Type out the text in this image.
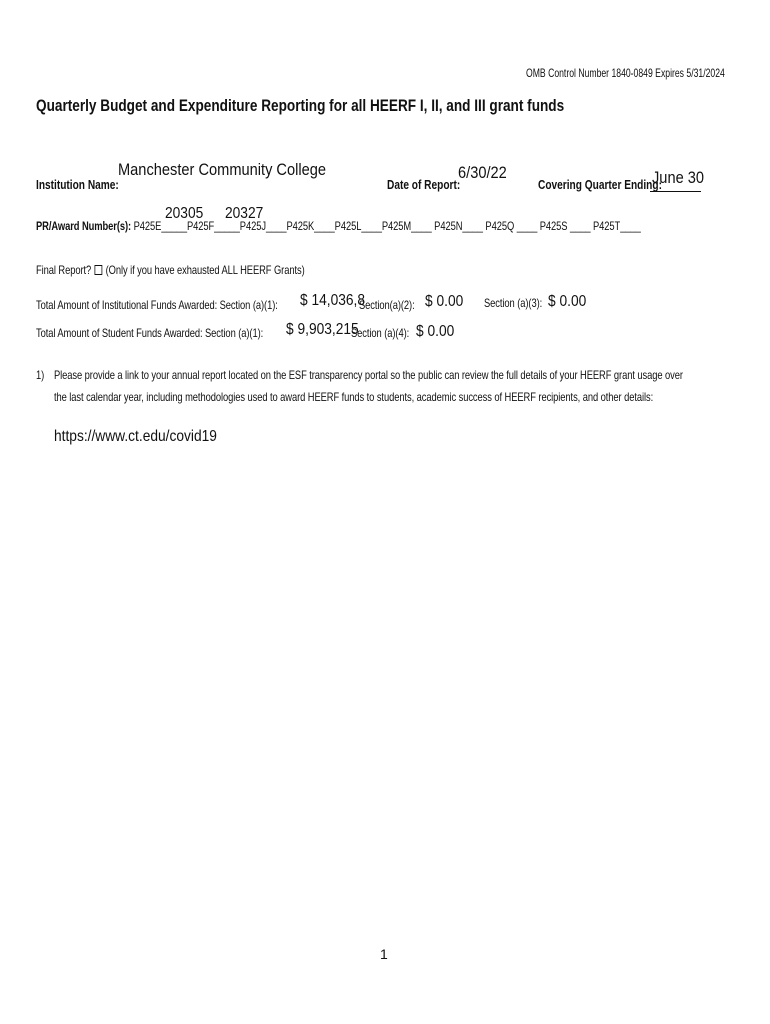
OMB Control Number 1840-0849 Expires 5/31/2024
Quarterly Budget and Expenditure Reporting for all HEERF I, II, and III grant funds
Institution Name:
Manchester Community College
Date of Report:
6/30/22
Covering Quarter Ending:
June 30
PR/Award Number(s): P425E_____P425F_____P425J____P425K____P425L____P425M____ P425N____ P425Q ____ P425S ____ P425T____
20305 20327
Final Report? (Only if you have exhausted ALL HEERF Grants)
Total Amount of Institutional Funds Awarded: Section (a)(1): $ 14,036,8
Section(a)(2): $ 0.00 Section (a)(3): $ 0.00
Total Amount of Student Funds Awarded: Section (a)(1): $ 9,903,215
Section (a)(4): $ 0.00
1) Please provide a link to your annual report located on the ESF transparency portal so the public can review the full details of your HEERF grant usage over
the last calendar year, including methodologies used to award HEERF funds to students, academic success of HEERF recipients, and other details:
https://www.ct.edu/covid19
1
